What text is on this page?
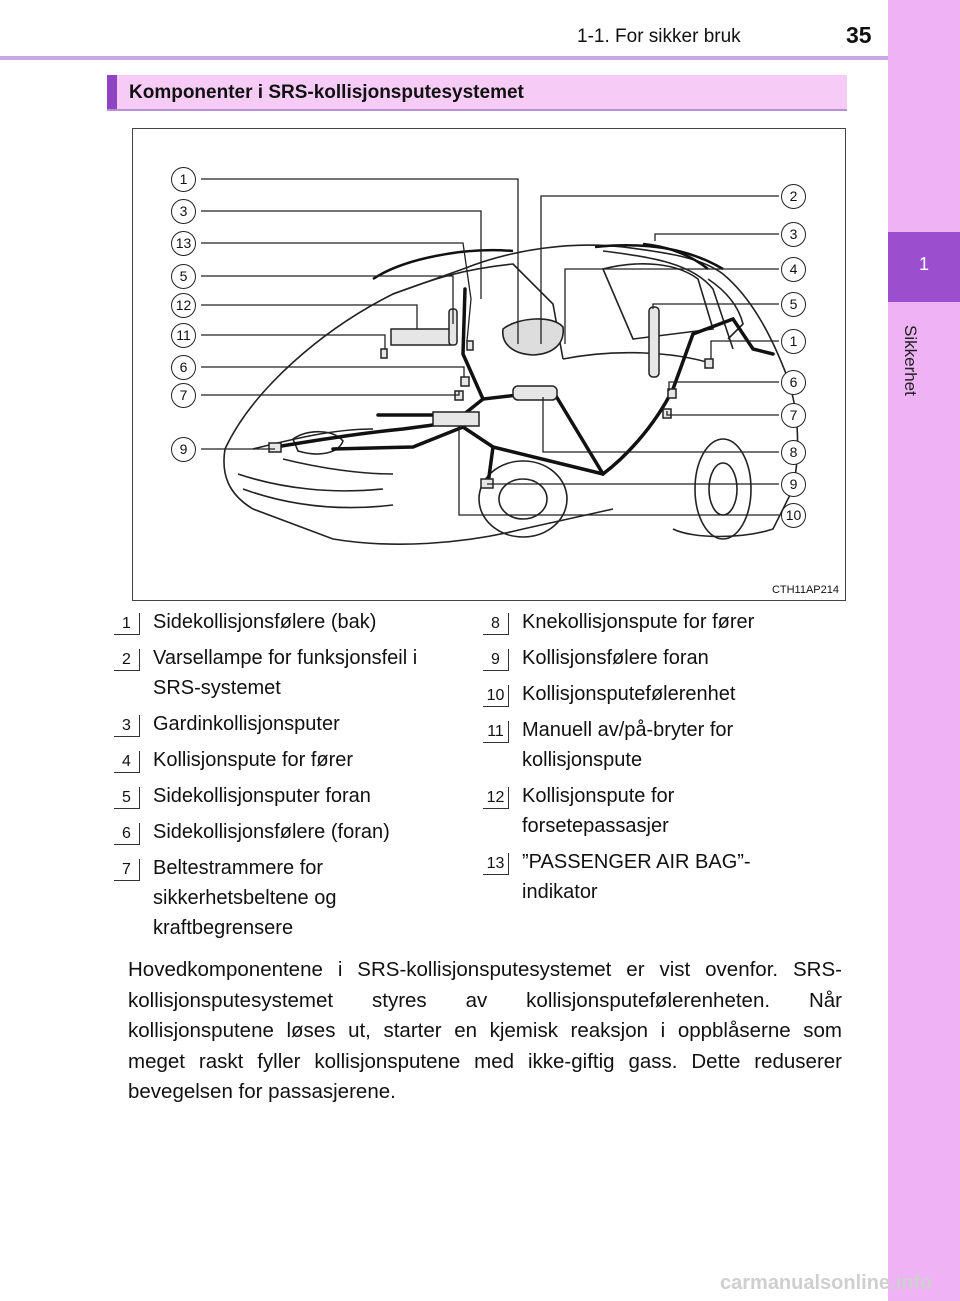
1-1. For sikker bruk	35
1
Sikkerhet
Komponenter i SRS-kollisjonsputesystemet
1
3
13
5
12
11
6
7
9
2
3
4
5
1
6
7
8
9
10
CTH11AP214
1	Sidekollisjonsfølere (bak)
2	Varsellampe for funksjonsfeil i SRS-systemet
3	Gardinkollisjonsputer
4	Kollisjonspute for fører
5	Sidekollisjonsputer foran
6	Sidekollisjonsfølere (foran)
7	Beltestrammere for sikkerhetsbeltene og kraftbegrensere
8	Knekollisjonspute for fører
9	Kollisjonsfølere foran
10 Kollisjonsputefølerenhet
11 Manuell av/på-bryter for kollisjonspute
12 Kollisjonspute for forsetepassasjer
13 ”PASSENGER AIR BAG”-indikator
Hovedkomponentene i SRS-kollisjonsputesystemet er vist ovenfor. SRS-kollisjonsputesystemet styres av kollisjonsputefølerenheten. Når kollisjonsputene løses ut, starter en kjemisk reaksjon i oppblåserne som meget raskt fyller kollisjonsputene med ikke-giftig gass. Dette reduserer bevegelsen for passasjerene.
carmanualsonline.info
